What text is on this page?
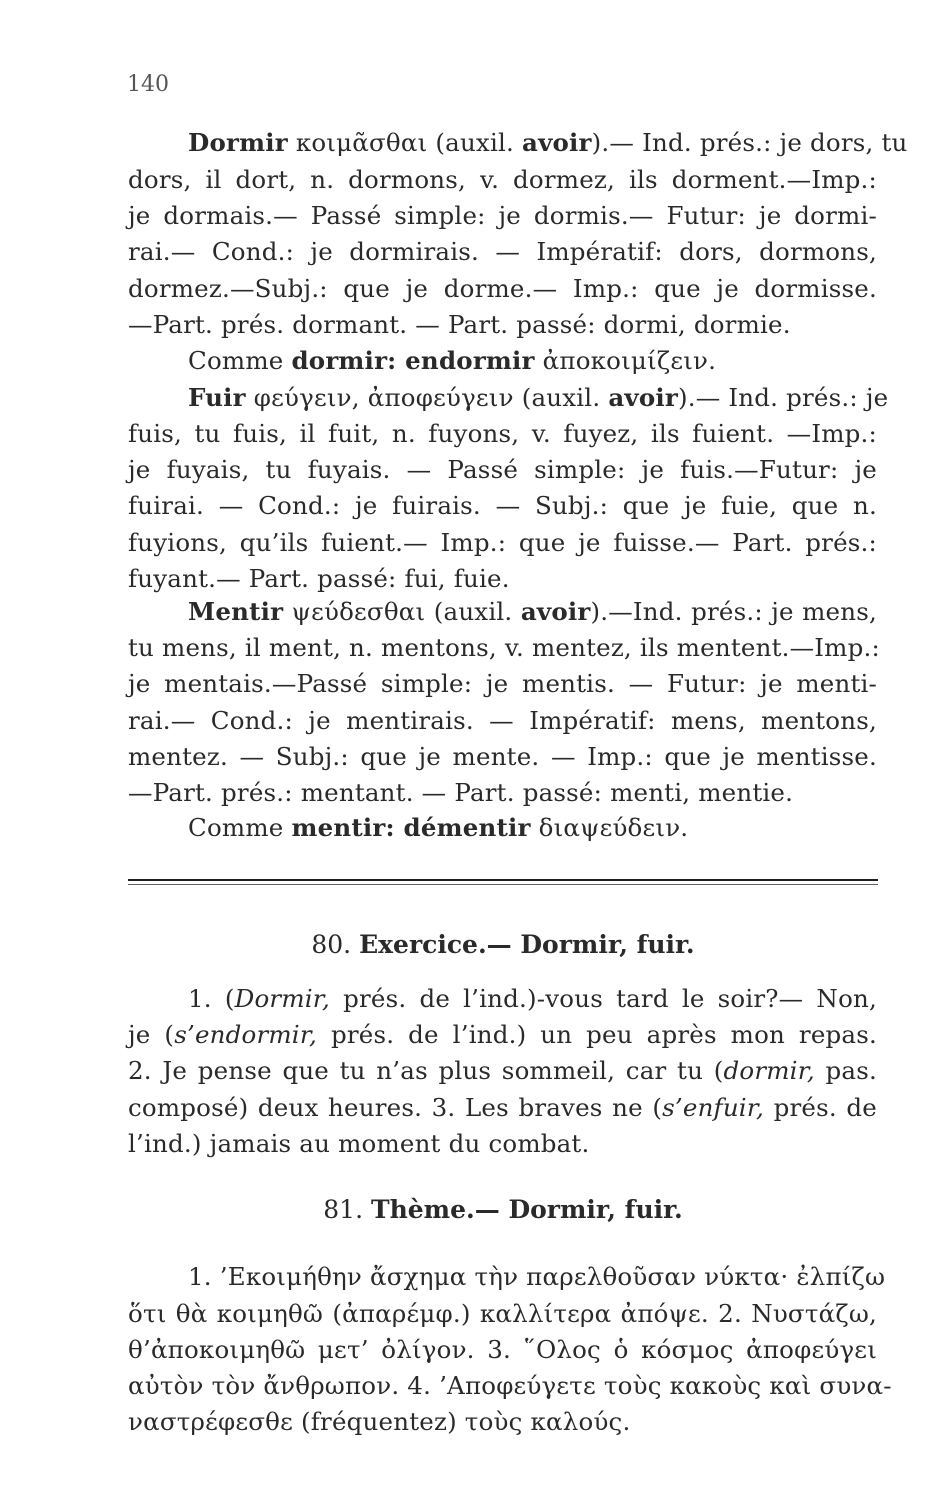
140
Dormir κοιμᾶσθαι (auxil. avoir).— Ind. prés.: je dors, tu
dors, il dort, n. dormons, v. dormez, ils dorment.—Imp.:
je dormais.— Passé simple: je dormis.— Futur: je dormi-
rai.— Cond.: je dormirais. — Impératif: dors, dormons,
dormez.—Subj.: que je dorme.— Imp.: que je dormisse.
—Part. prés. dormant. — Part. passé: dormi, dormie.
Comme dormir: endormir ἀποκοιμίζειν.
Fuir φεύγειν, ἀποφεύγειν (auxil. avoir).— Ind. prés.: je
fuis, tu fuis, il fuit, n. fuyons, v. fuyez, ils fuient. —Imp.:
je fuyais, tu fuyais. — Passé simple: je fuis.—Futur: je
fuirai. — Cond.: je fuirais. — Subj.: que je fuie, que n.
fuyions, qu’ils fuient.— Imp.: que je fuisse.— Part. prés.:
fuyant.— Part. passé: fui, fuie.
Mentir ψεύδεσθαι (auxil. avoir).—Ind. prés.: je mens,
tu mens, il ment, n. mentons, v. mentez, ils mentent.—Imp.:
je mentais.—Passé simple: je mentis. — Futur: je menti-
rai.— Cond.: je mentirais. — Impératif: mens, mentons,
mentez. — Subj.: que je mente. — Imp.: que je mentisse.
—Part. prés.: mentant. — Part. passé: menti, mentie.
Comme mentir: démentir διαψεύδειν.
80. Exercice.— Dormir, fuir.
1. (Dormir, prés. de l’ind.)-vous tard le soir?— Non,
je (s’endormir, prés. de l’ind.) un peu après mon repas.
2. Je pense que tu n’as plus sommeil, car tu (dormir, pas.
composé) deux heures. 3. Les braves ne (s’enfuir, prés. de
l’ind.) jamais au moment du combat.
81. Thème.— Dormir, fuir.
1. ’Εκοιμήθην ἄσχημα τὴν παρελθοῦσαν νύκτα· ἐλπίζω
ὅτι θὰ κοιμηθῶ (ἀπαρέμφ.) καλλίτερα ἀπόψε. 2. Νυστάζω,
θ’ἀποκοιμηθῶ μετ’ ὀλίγον. 3. ῞Ολος ὁ κόσμος ἀποφεύγει
αὐτὸν τὸν ἄνθρωπον. 4. ’Αποφεύγετε τοὺς κακοὺς καὶ συνα-
ναστρέφεσθε (fréquentez) τοὺς καλούς.
